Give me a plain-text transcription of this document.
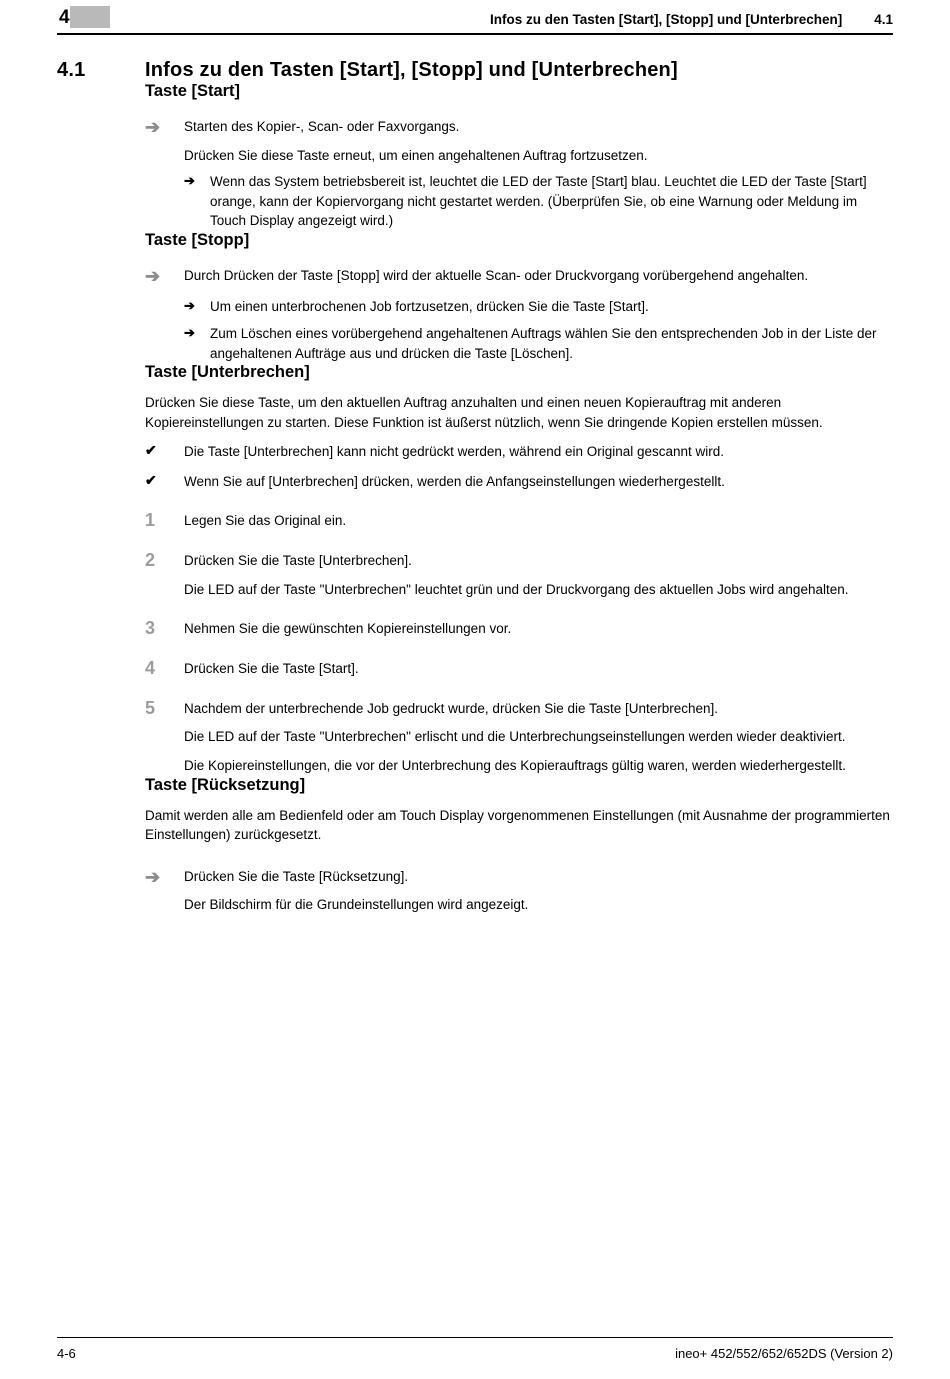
4	Infos zu den Tasten [Start], [Stopp] und [Unterbrechen] 4.1
4.1	Infos zu den Tasten [Start], [Stopp] und [Unterbrechen]
Taste [Start]
➔	Starten des Kopier-, Scan- oder Faxvorgangs.
Drücken Sie diese Taste erneut, um einen angehaltenen Auftrag fortzusetzen.
➔	Wenn das System betriebsbereit ist, leuchtet die LED der Taste [Start] blau. Leuchtet die LED der Taste [Start] orange, kann der Kopiervorgang nicht gestartet werden. (Überprüfen Sie, ob eine Warnung oder Meldung im Touch Display angezeigt wird.)
Taste [Stopp]
➔	Durch Drücken der Taste [Stopp] wird der aktuelle Scan- oder Druckvorgang vorübergehend angehalten.
➔	Um einen unterbrochenen Job fortzusetzen, drücken Sie die Taste [Start].
➔	Zum Löschen eines vorübergehend angehaltenen Auftrags wählen Sie den entsprechenden Job in der Liste der angehaltenen Aufträge aus und drücken die Taste [Löschen].
Taste [Unterbrechen]
Drücken Sie diese Taste, um den aktuellen Auftrag anzuhalten und einen neuen Kopierauftrag mit anderen Kopiereinstellungen zu starten. Diese Funktion ist äußerst nützlich, wenn Sie dringende Kopien erstellen müssen.
✔	Die Taste [Unterbrechen] kann nicht gedrückt werden, während ein Original gescannt wird.
✔	Wenn Sie auf [Unterbrechen] drücken, werden die Anfangseinstellungen wiederhergestellt.
1	Legen Sie das Original ein.
2	Drücken Sie die Taste [Unterbrechen].
Die LED auf der Taste "Unterbrechen" leuchtet grün und der Druckvorgang des aktuellen Jobs wird angehalten.
3	Nehmen Sie die gewünschten Kopiereinstellungen vor.
4	Drücken Sie die Taste [Start].
5	Nachdem der unterbrechende Job gedruckt wurde, drücken Sie die Taste [Unterbrechen].
Die LED auf der Taste "Unterbrechen" erlischt und die Unterbrechungseinstellungen werden wieder deaktiviert.
Die Kopiereinstellungen, die vor der Unterbrechung des Kopierauftrags gültig waren, werden wiederhergestellt.
Taste [Rücksetzung]
Damit werden alle am Bedienfeld oder am Touch Display vorgenommenen Einstellungen (mit Ausnahme der programmierten Einstellungen) zurückgesetzt.
➔	Drücken Sie die Taste [Rücksetzung].
Der Bildschirm für die Grundeinstellungen wird angezeigt.
4-6	ineo+ 452/552/652/652DS (Version 2)
